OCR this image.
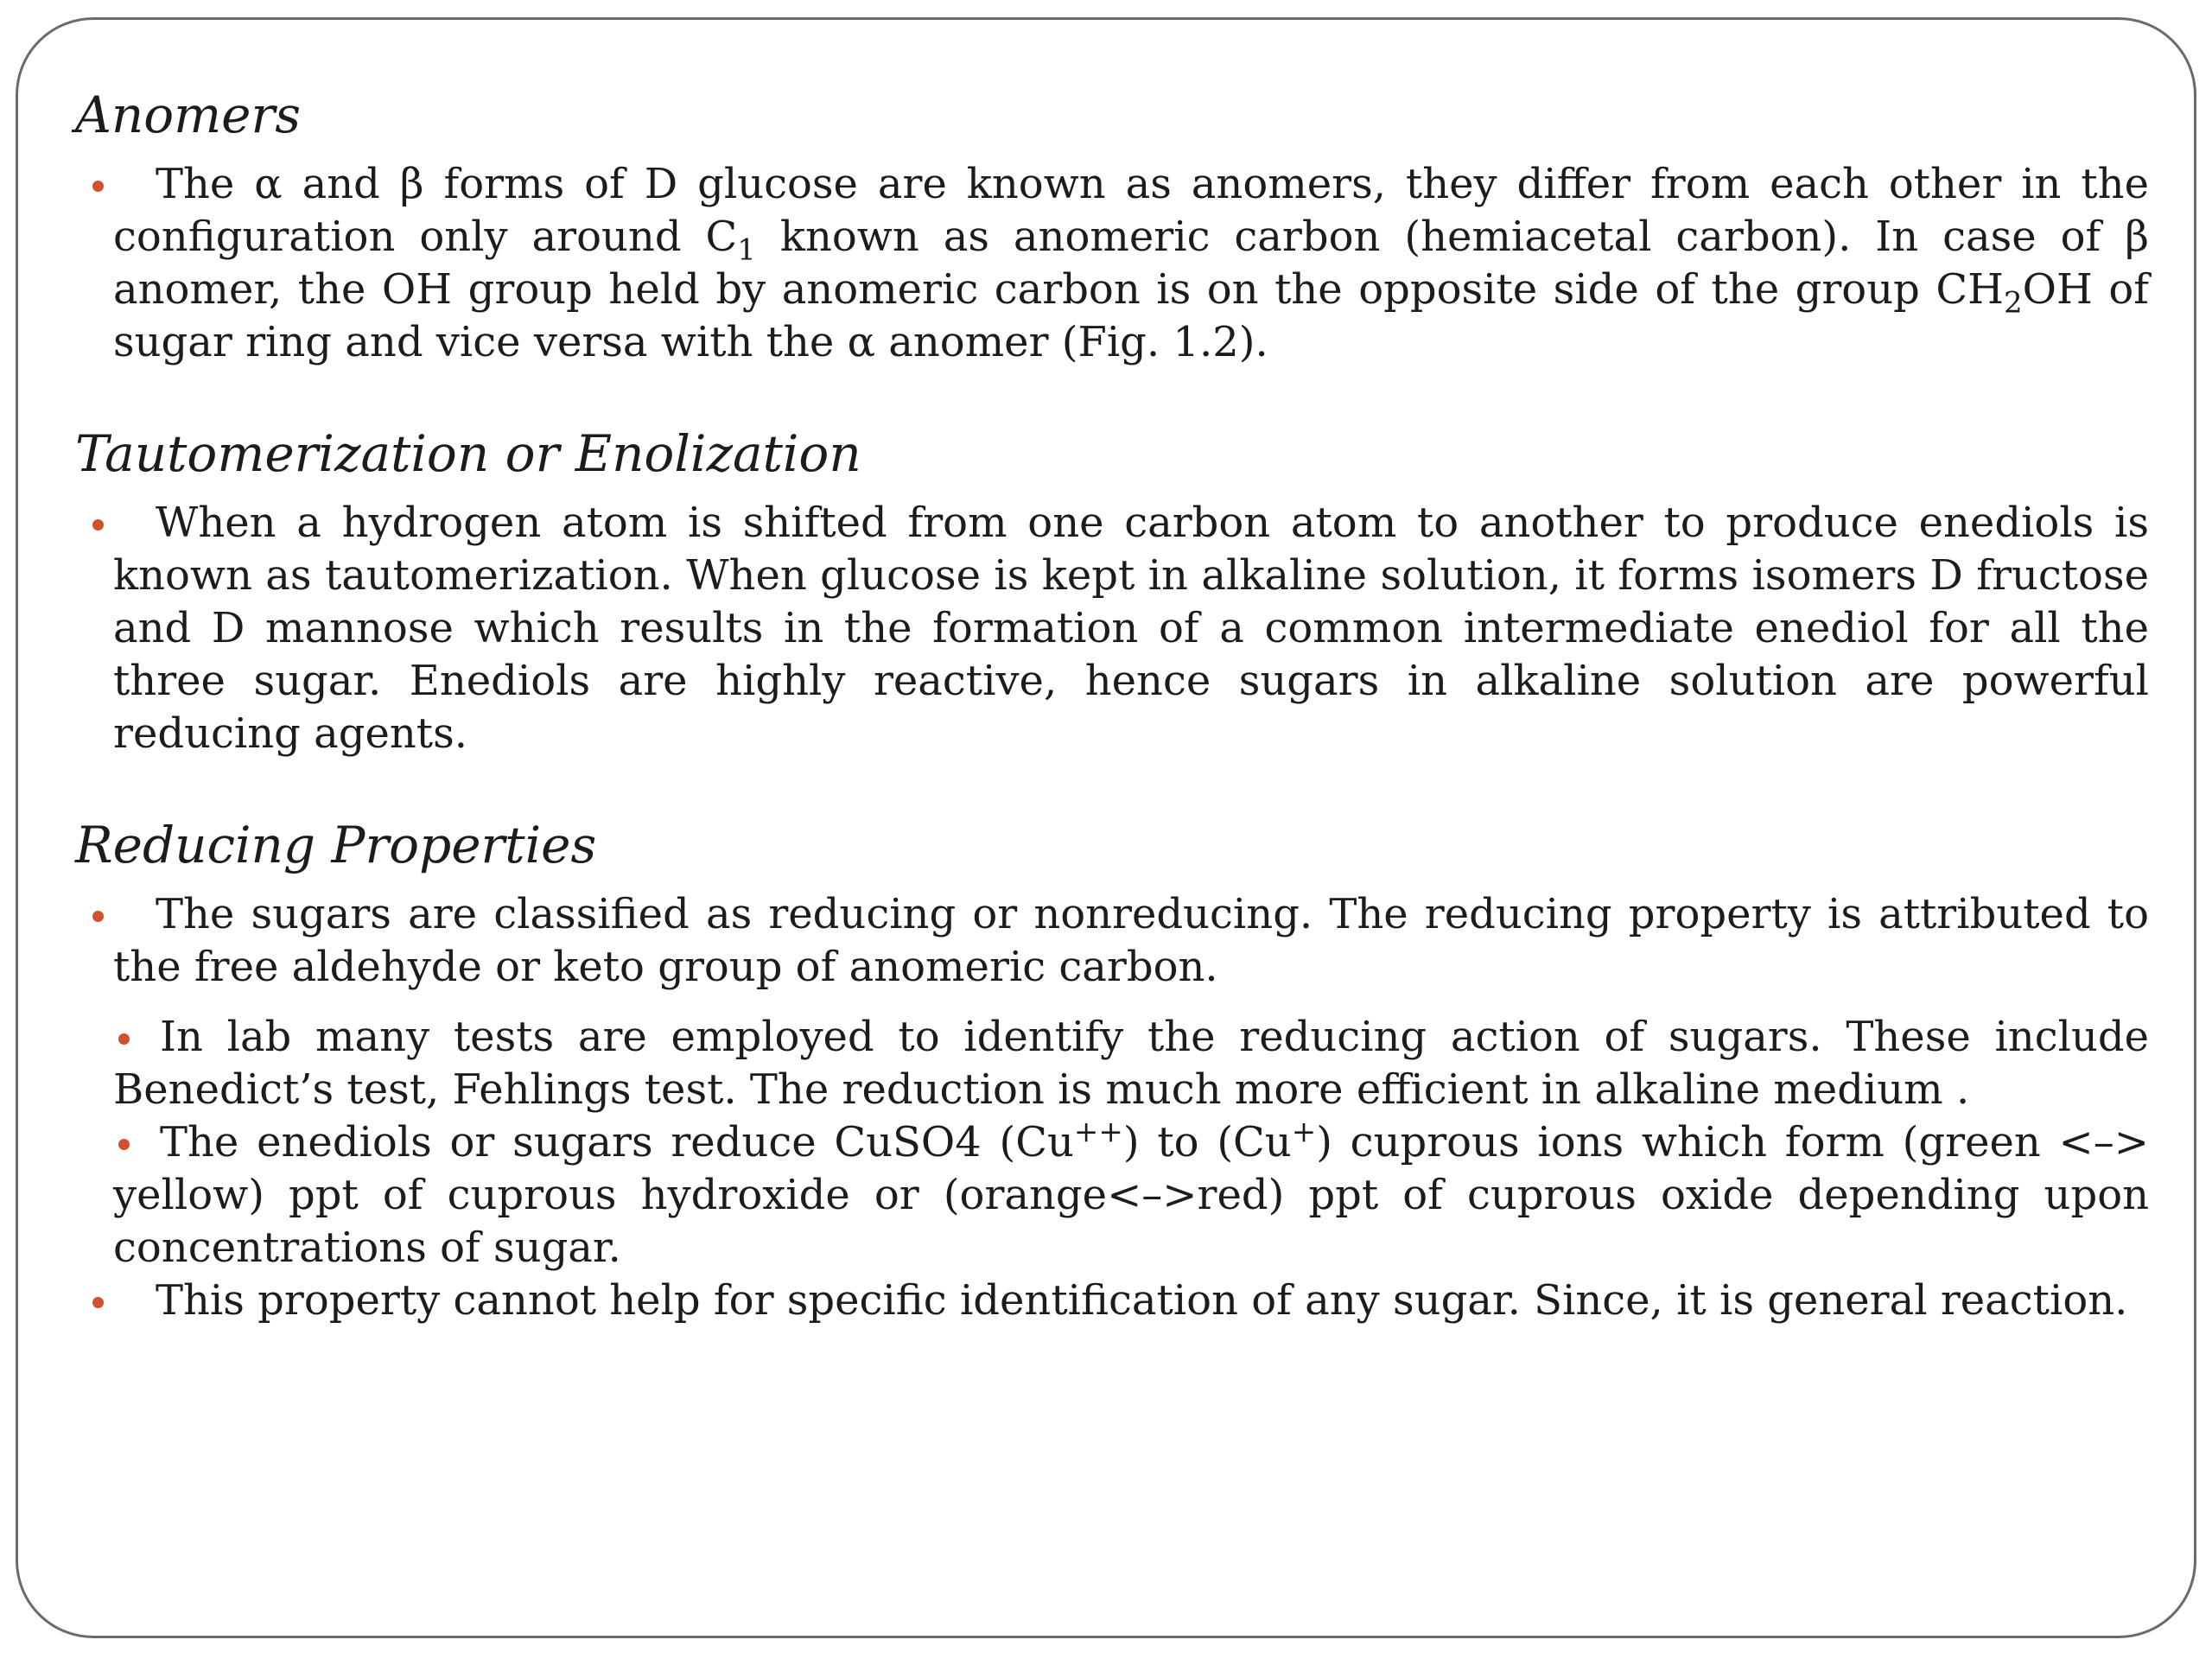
Anomers

The α and β forms of D glucose are known as anomers, they differ from each other in the configuration only around $C_1$ known as anomeric carbon (hemiacetal carbon). In case of β anomer, the OH group held by anomeric carbon is on the opposite side of the group $CH_2OH$ of sugar ring and vice versa with the α anomer (Fig. 1.2).

Tautomerization or Enolization

When a hydrogen atom is shifted from one carbon atom to another to produce enediols is known as tautomerization. When glucose is kept in alkaline solution, it forms isomers D fructose and D mannose which results in the formation of a common intermediate enediol for all the three sugar. Enediols are highly reactive, hence sugars in alkaline solution are powerful reducing agents.

Reducing Properties

The sugars are classified as reducing or nonreducing. The reducing property is attributed to the free aldehyde or keto group of anomeric carbon.

In lab many tests are employed to identify the reducing action of sugars. These include Benedict’s test, Fehlings test. The reduction is much more efficient in alkaline medium .

The enediols or sugars reduce CuSO4 (Cu++) to (Cu+) cuprous ions which form (green <–> yellow) ppt of cuprous hydroxide or (orange<–>red) ppt of cuprous oxide depending upon concentrations of sugar.

This property cannot help for specific identification of any sugar. Since, it is general reaction.
